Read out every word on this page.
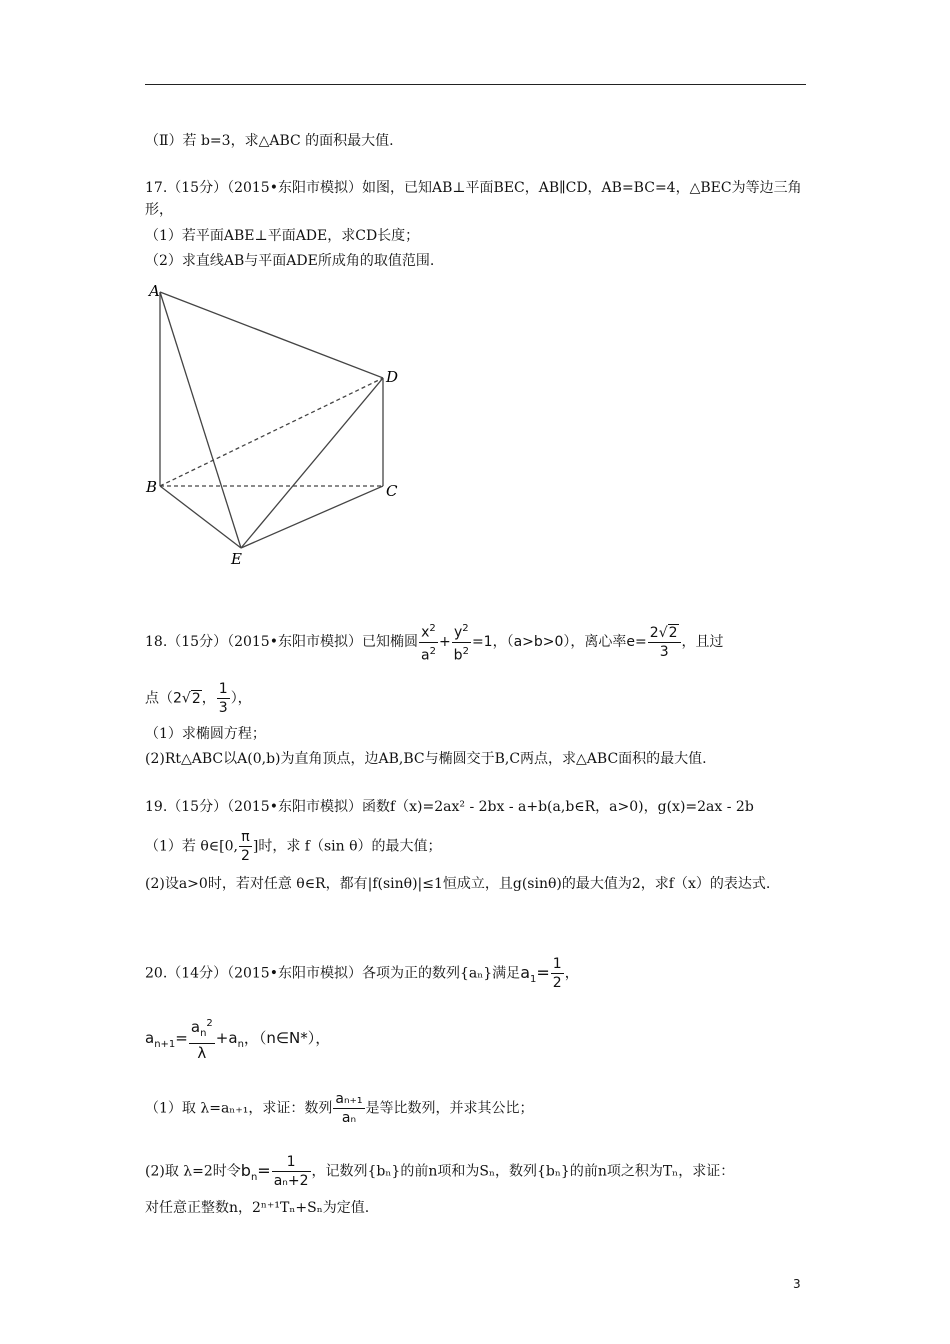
（Ⅱ）若 b=3，求△ABC 的面积最大值.
17.（15分）（2015•东阳市模拟）如图，已知AB⊥平面BEC，AB∥CD，AB=BC=4，△BEC为等边三角形，
（1）若平面ABE⊥平面ADE，求CD长度；
（2）求直线AB与平面ADE所成角的取值范围.
A
D
B	C
E
18.（15分）（2015•东阳市模拟）已知椭圆 $\frac{x^2}{a^2} + \frac{y^2}{b^2} =1$，（a>b>0），离心率$e= \frac{2√2}{3}$ ，且过
点（2√2， $\frac{1}{3}$ ），
（1）求椭圆方程；
(2)Rt△ABC以A(0,b)为直角顶点，边AB,BC与椭圆交于B,C两点，求△ABC面积的最大值.
19.（15分）（2015•东阳市模拟）函数f（x)=2ax² - 2bx - a+b(a,b∈R，a>0)，g(x)=2ax - 2b
（1）若 θ∈[0, $\frac{\pi}{2}$ ]时，求 f（sin θ）的最大值；
(2)设a>0时，若对任意 θ∈R，都有|f(sinθ)|≤1恒成立，且g(sinθ)的最大值为2，求f（x）的表达式.
20.（14分）（2015•东阳市模拟）各项为正的数列{aₙ}满足$a_1= \frac{1}{2}$ ，
$a_{n+1}= \frac{a_n^2}{\lambda} +a_n$，（n∈N*），
（1）取 λ=aₙ₊₁，求证：数列 $\frac{\text{aₙ₊₁}}{\text{aₙ}}$ 是等比数列，并求其公比；
(2)取 λ=2时令$b_n= \frac{1}{\text{aₙ+2}}$ ，记数列{bₙ}的前n项和为Sₙ，数列{bₙ}的前n项之积为Tₙ，求证：
对任意正整数n，2ⁿ⁺¹Tₙ+Sₙ为定值.
3
